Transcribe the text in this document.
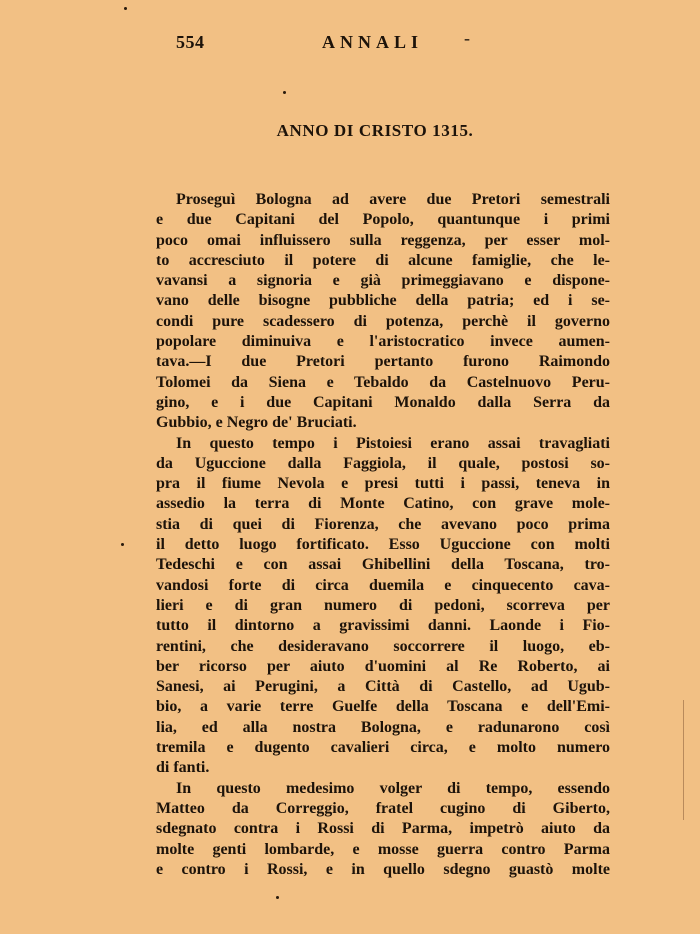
554	ANNALI -
ANNO DI CRISTO 1315.
Proseguì Bologna ad avere due Pretori semestrali
e due Capitani del Popolo, quantunque i primi
poco omai influissero sulla reggenza, per esser mol-
to accresciuto il potere di alcune famiglie, che le-
vavansi a signoria e già primeggiavano e dispone-
vano delle bisogne pubbliche della patria; ed i se-
condi pure scadessero di potenza, perchè il governo
popolare diminuiva e l'aristocratico invece aumen-
tava.—I due Pretori pertanto furono Raimondo
Tolomei da Siena e Tebaldo da Castelnuovo Peru-
gino, e i due Capitani Monaldo dalla Serra da
Gubbio, e Negro de' Bruciati.
In questo tempo i Pistoiesi erano assai travagliati
da Uguccione dalla Faggiola, il quale, postosi so-
pra il fiume Nevola e presi tutti i passi, teneva in
assedio la terra di Monte Catino, con grave mole-
stia di quei di Fiorenza, che avevano poco prima
il detto luogo fortificato. Esso Uguccione con molti
Tedeschi e con assai Ghibellini della Toscana, tro-
vandosi forte di circa duemila e cinquecento cava-
lieri e di gran numero di pedoni, scorreva per
tutto il dintorno a gravissimi danni. Laonde i Fio-
rentini, che desideravano soccorrere il luogo, eb-
ber ricorso per aiuto d'uomini al Re Roberto, ai
Sanesi, ai Perugini, a Città di Castello, ad Ugub-
bio, a varie terre Guelfe della Toscana e dell'Emi-
lia, ed alla nostra Bologna, e radunarono così
tremila e dugento cavalieri circa, e molto numero
di fanti.
In questo medesimo volger di tempo, essendo
Matteo da Correggio, fratel cugino di Giberto,
sdegnato contra i Rossi di Parma, impetrò aiuto da
molte genti lombarde, e mosse guerra contro Parma
e contro i Rossi, e in quello sdegno guastò molte
